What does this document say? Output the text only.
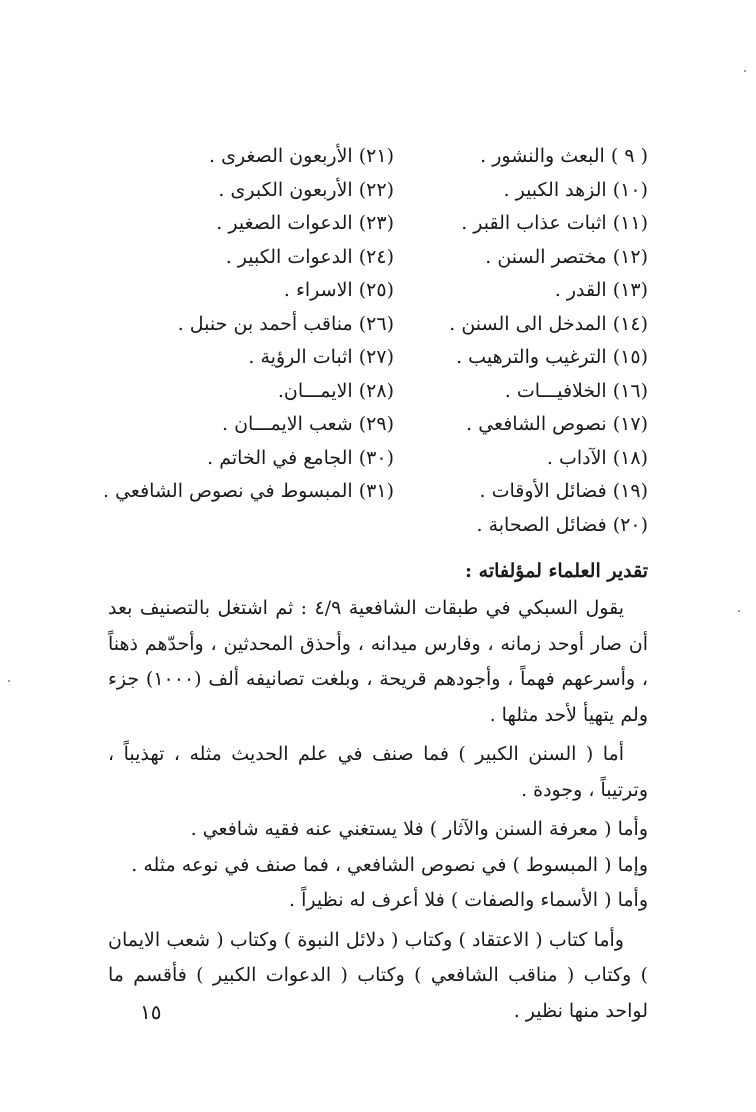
( ٩ ) البعث والنشور .
(١٠) الزهد الكبير .
(١١) اثبات عذاب القبر .
(١٢) مختصر السنن .
(١٣) القدر .
(١٤) المدخل الى السنن .
(١٥) الترغيب والترهيب .
(١٦) الخلافيـــات .
(١٧) نصوص الشافعي .
(١٨) الآداب .
(١٩) فضائل الأوقات .
(٢٠) فضائل الصحابة .
(٢١) الأربعون الصغرى .
(٢٢) الأربعون الكبرى .
(٢٣) الدعوات الصغير .
(٢٤) الدعوات الكبير .
(٢٥) الاسراء .
(٢٦) مناقب أحمد بن حنبل .
(٢٧) اثبات الرؤية .
(٢٨) الايمـــان.
(٢٩) شعب الايمـــان .
(٣٠) الجامع في الخاتم .
(٣١) المبسوط في نصوص الشافعي .
تقدير العلماء لمؤلفاته :

يقول السبكي في طبقات الشافعية ٤/٩ : ثم اشتغل بالتصنيف بعد أن صار أوحد زمانه ، وفارس ميدانه ، وأحذق المحدثين ، وأحدّهم ذهناً ، وأسرعهم فهماً ، وأجودهم قريحة ، وبلغت تصانيفه ألف (١٠٠٠) جزء ولم يتهيأ لأحد مثلها .

أما ( السنن الكبير ) فما صنف في علم الحديث مثله ، تهذيباً ، وترتيباً ، وجودة .

وأما ( معرفة السنن والآثار ) فلا يستغني عنه فقيه شافعي .

وإما ( المبسوط ) في نصوص الشافعي ، فما صنف في نوعه مثله .

وأما ( الأسماء والصفات ) فلا أعرف له نظيراً .

وأما كتاب ( الاعتقاد ) وكتاب ( دلائل النبوة ) وكتاب ( شعب الايمان ) وكتاب ( مناقب الشافعي ) وكتاب ( الدعوات الكبير ) فأقسم ما لواحد منها نظير .

١٥
